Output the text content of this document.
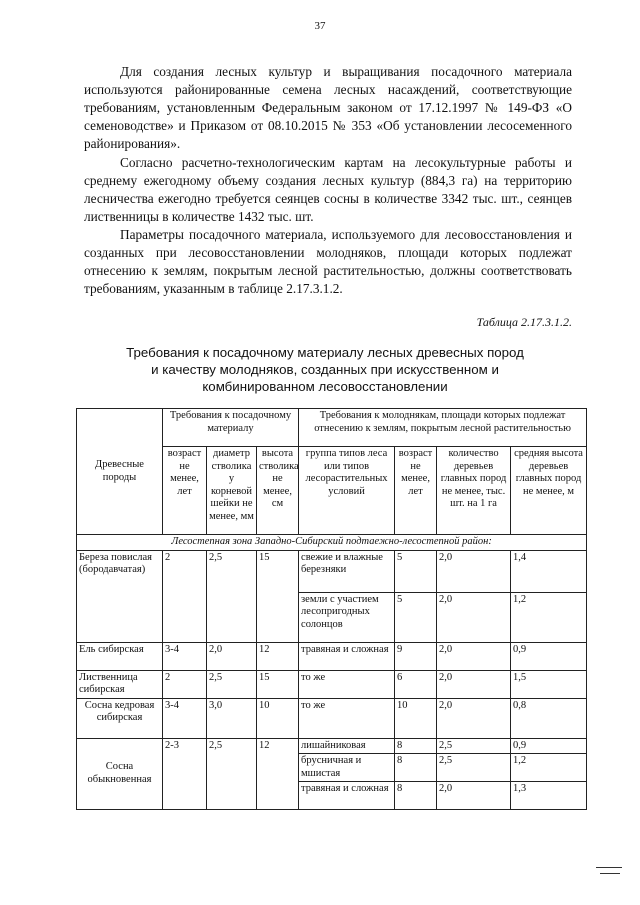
37

Для создания лесных культур и выращивания посадочного материала используются районированные семена лесных насаждений, соответствующие требованиям, установленным Федеральным законом от 17.12.1997 № 149-ФЗ «О семеноводстве» и Приказом от 08.10.2015 № 353 «Об установлении лесосеменного районирования».

Согласно расчетно-технологическим картам на лесокультурные работы и среднему ежегодному объему создания лесных культур (884,3 га) на территорию лесничества ежегодно требуется сеянцев сосны в количестве 3342 тыс. шт., сеянцев лиственницы в количестве 1432 тыс. шт.

Параметры посадочного материала, используемого для лесовосстановления и созданных при лесовосстановлении молодняков, площади которых подлежат отнесению к землям, покрытым лесной растительностью, должны соответствовать требованиям, указанным в таблице 2.17.3.1.2.

Таблица 2.17.3.1.2.
Требования к посадочному материалу лесных древесных пород
и качеству молодняков, созданных при искусственном и
комбинированном лесовосстановлении
Древесные породы	Требования к посадочному материалу			Требования к молоднякам, площади которых подлежат отнесению к землям, покрытым лесной растительностью			
	возраст не менее, лет	диаметр стволика у корневой шейки не менее, мм	высота стволика не менее, см	группа типов леса или типов лесорастительных условий	возраст не менее, лет	количество деревьев главных пород не менее, тыс. шт. на 1 га	средняя высота деревьев главных пород не менее, м
Лесостепная зона Западно-Сибирский подтаежно-лесостепной район:							
Береза повислая (бородавчатая)	2	2,5	15	свежие и влажные березняки	5	2,0	1,4
				земли с участием лесопригодных солонцов	5	2,0	1,2
Ель сибирская	3-4	2,0	12	травяная и сложная	9	2,0	0,9
Лиственница сибирская	2	2,5	15	то же	6	2,0	1,5
Сосна кедровая сибирская	3-4	3,0	10	то же	10	2,0	0,8
Сосна обыкновенная	2-3	2,5	12	лишайниковая	8	2,5	0,9
				брусничная и мшистая	8	2,5	1,2
				травяная и сложная	8	2,0	1,3
